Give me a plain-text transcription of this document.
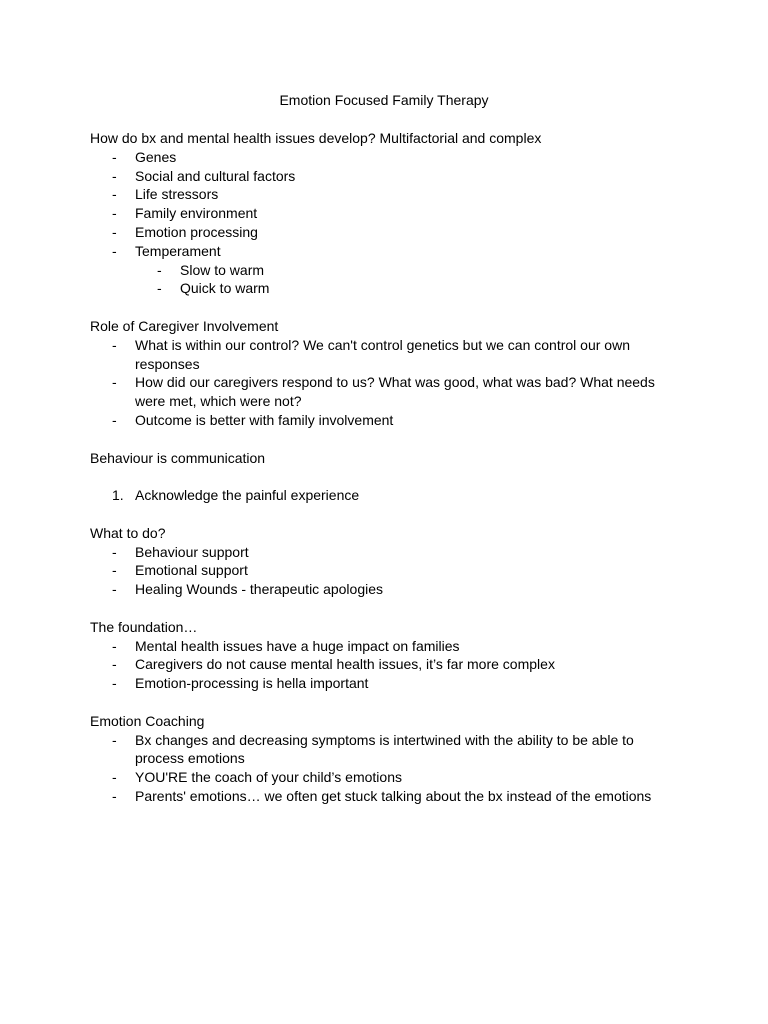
Emotion Focused Family Therapy
How do bx and mental health issues develop? Multifactorial and complex
- Genes
- Social and cultural factors
- Life stressors
- Family environment
- Emotion processing
- Temperament
- Slow to warm
- Quick to warm
Role of Caregiver Involvement
- What is within our control? We can't control genetics but we can control our own responses
- How did our caregivers respond to us? What was good, what was bad? What needs were met, which were not?
- Outcome is better with family involvement
Behaviour is communication
1. Acknowledge the painful experience
What to do?
- Behaviour support
- Emotional support
- Healing Wounds - therapeutic apologies
The foundation…
- Mental health issues have a huge impact on families
- Caregivers do not cause mental health issues, it’s far more complex
- Emotion-processing is hella important
Emotion Coaching
- Bx changes and decreasing symptoms is intertwined with the ability to be able to process emotions
- YOU'RE the coach of your child’s emotions
- Parents' emotions… we often get stuck talking about the bx instead of the emotions
